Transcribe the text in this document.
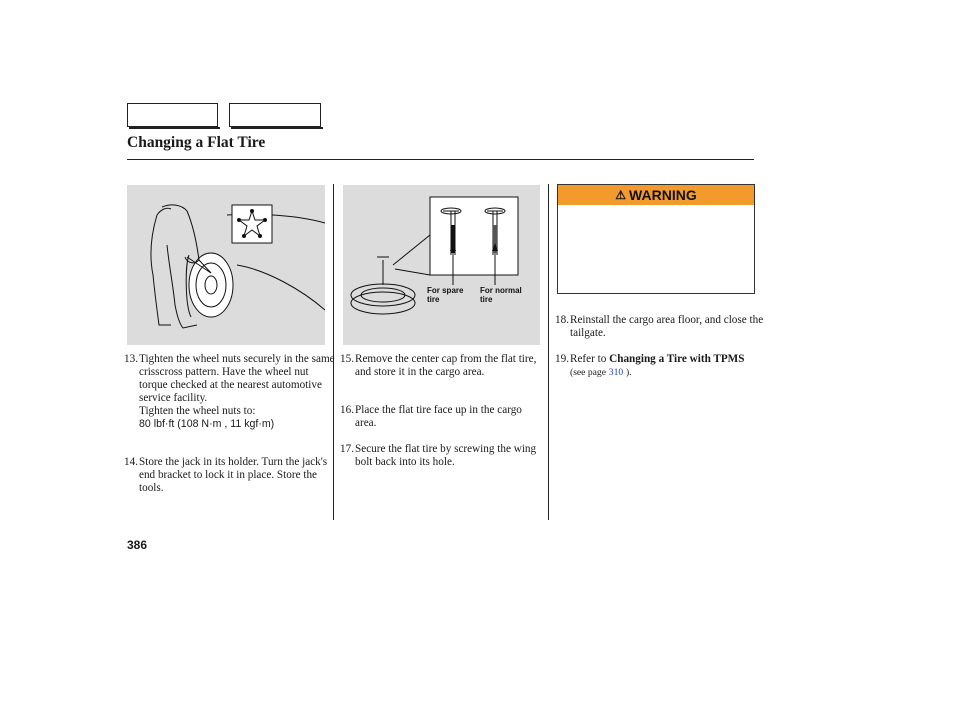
Changing a Flat Tire
For spare tire
For normal tire
13. Tighten the wheel nuts securely in the same crisscross pattern. Have the wheel nut torque checked at the nearest automotive service facility.
Tighten the wheel nuts to:
80 lbf·ft (108 N·m , 11 kgf·m)
14. Store the jack in its holder. Turn the jack's end bracket to lock it in place. Store the tools.
15. Remove the center cap from the flat tire, and store it in the cargo area.
16. Place the flat tire face up in the cargo area.
17. Secure the flat tire by screwing the wing bolt back into its hole.
⚠ WARNING
18. Reinstall the cargo area floor, and close the tailgate.
19. Refer to Changing a Tire with TPMS (see page 310 ).
386
